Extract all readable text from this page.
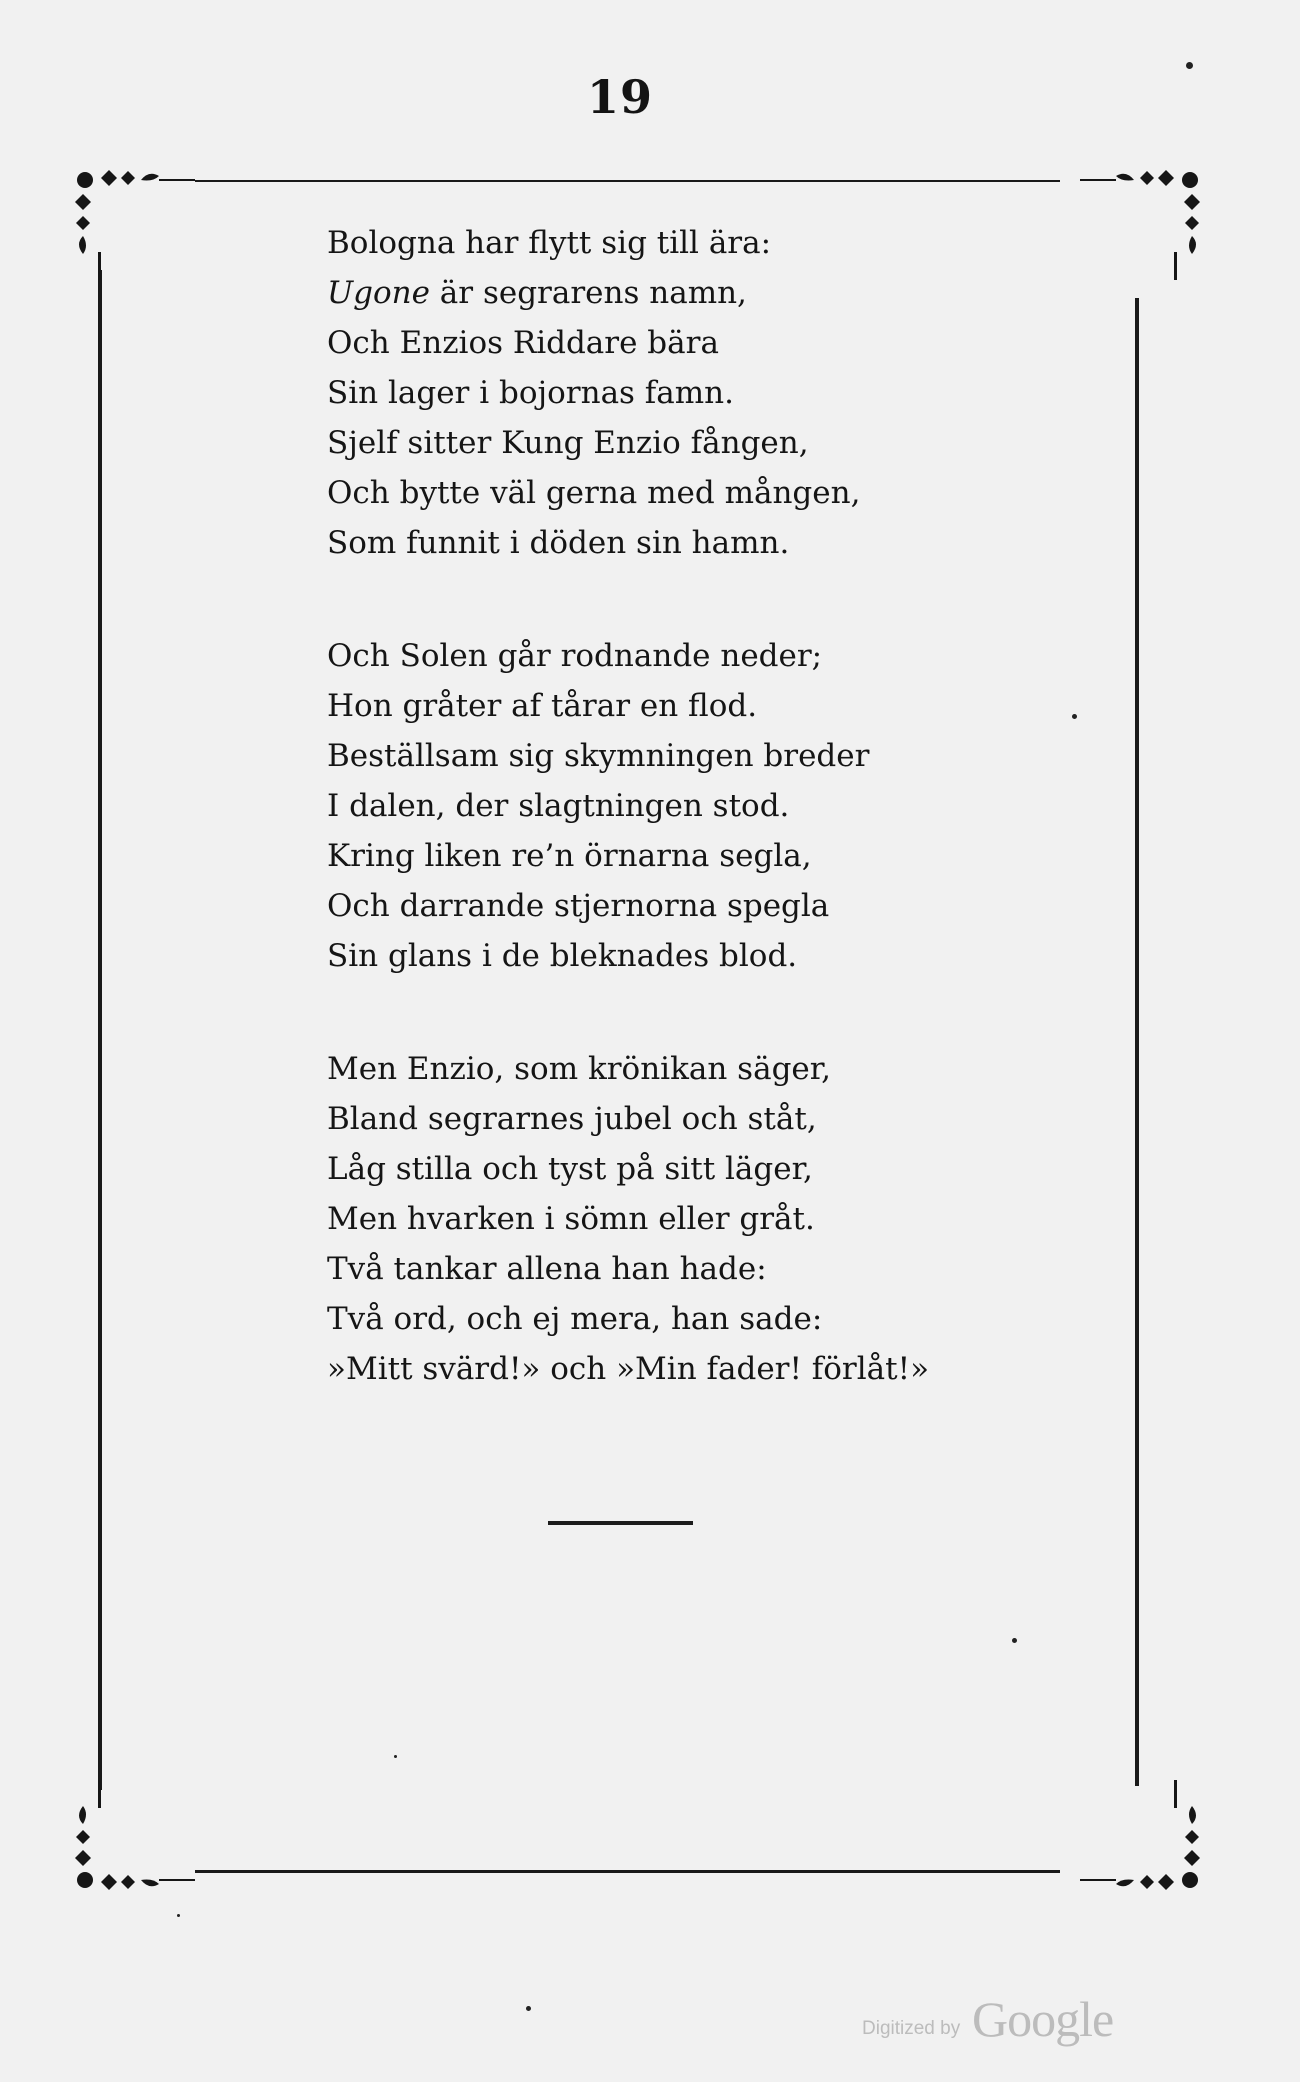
19
Bologna har flytt sig till ära:
Ugone är segrarens namn,
Och Enzios Riddare bära
Sin lager i bojornas famn.
Sjelf sitter Kung Enzio fången,
Och bytte väl gerna med mången,
Som funnit i döden sin hamn.
Och Solen går rodnande neder;
Hon gråter af tårar en flod.
Beställsam sig skymningen breder
I dalen, der slagtningen stod.
Kring liken re’n örnarna segla,
Och darrande stjernorna spegla
Sin glans i de bleknades blod.
Men Enzio, som krönikan säger,
Bland segrarnes jubel och ståt,
Låg stilla och tyst på sitt läger,
Men hvarken i sömn eller gråt.
Två tankar allena han hade:
Två ord, och ej mera, han sade:
»Mitt svärd!» och »Min fader! förlåt!»
Digitized by Google
